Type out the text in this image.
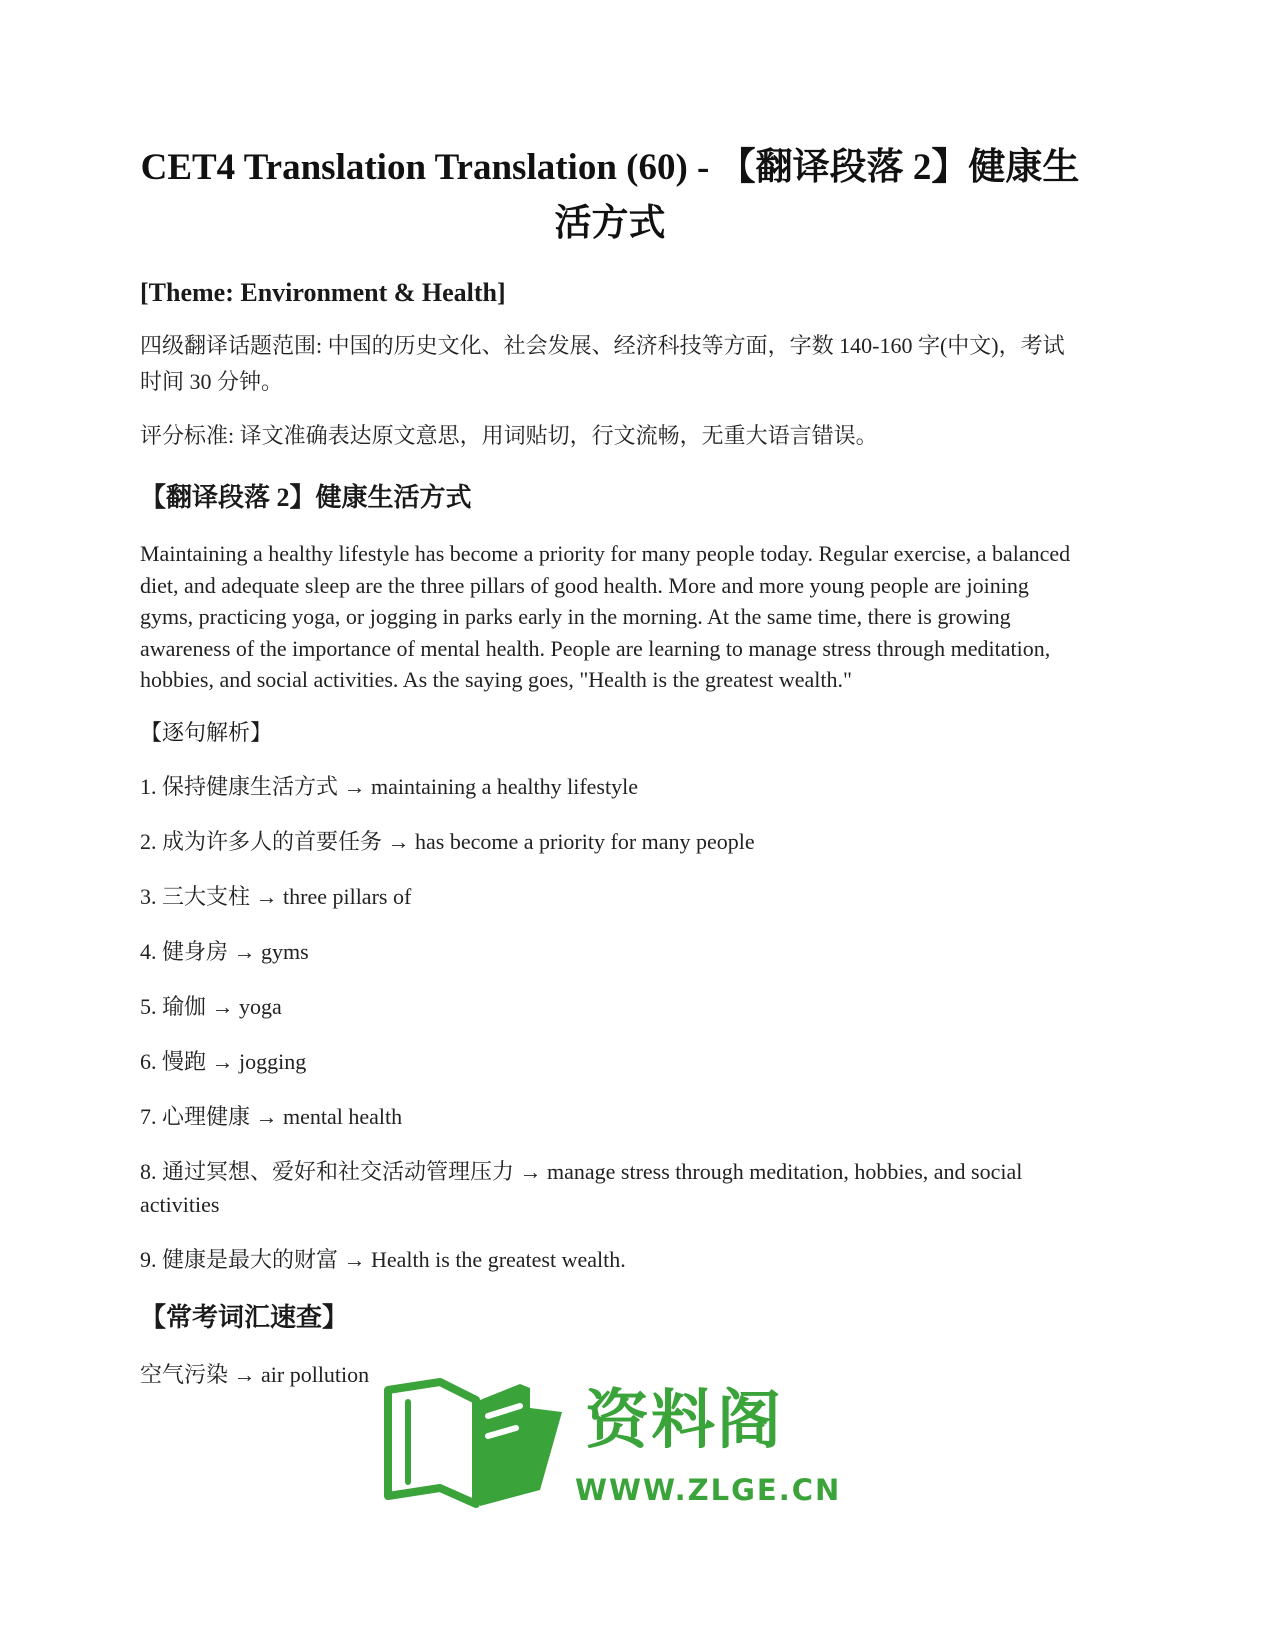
CET4 Translation Translation (60) - 【翻译段落 2】健康生活方式
[Theme: Environment & Health]

四级翻译话题范围: 中国的历史文化、社会发展、经济科技等方面，字数 140-160 字(中文)，考试时间 30 分钟。

评分标准: 译文准确表达原文意思，用词贴切，行文流畅，无重大语言错误。

【翻译段落 2】健康生活方式

Maintaining a healthy lifestyle has become a priority for many people today. Regular exercise, a balanced diet, and adequate sleep are the three pillars of good health. More and more young people are joining gyms, practicing yoga, or jogging in parks early in the morning. At the same time, there is growing awareness of the importance of mental health. People are learning to manage stress through meditation, hobbies, and social activities. As the saying goes, "Health is the greatest wealth."

【逐句解析】
1. 保持健康生活方式 → maintaining a healthy lifestyle
2. 成为许多人的首要任务 → has become a priority for many people
3. 三大支柱 → three pillars of
4. 健身房 → gyms
5. 瑜伽 → yoga
6. 慢跑 → jogging
7. 心理健康 → mental health
8. 通过冥想、爱好和社交活动管理压力 → manage stress through meditation, hobbies, and social activities
9. 健康是最大的财富 → Health is the greatest wealth.
【常考词汇速查】
空气污染 → air pollution
资料阁
WWW.ZLGE.CN
